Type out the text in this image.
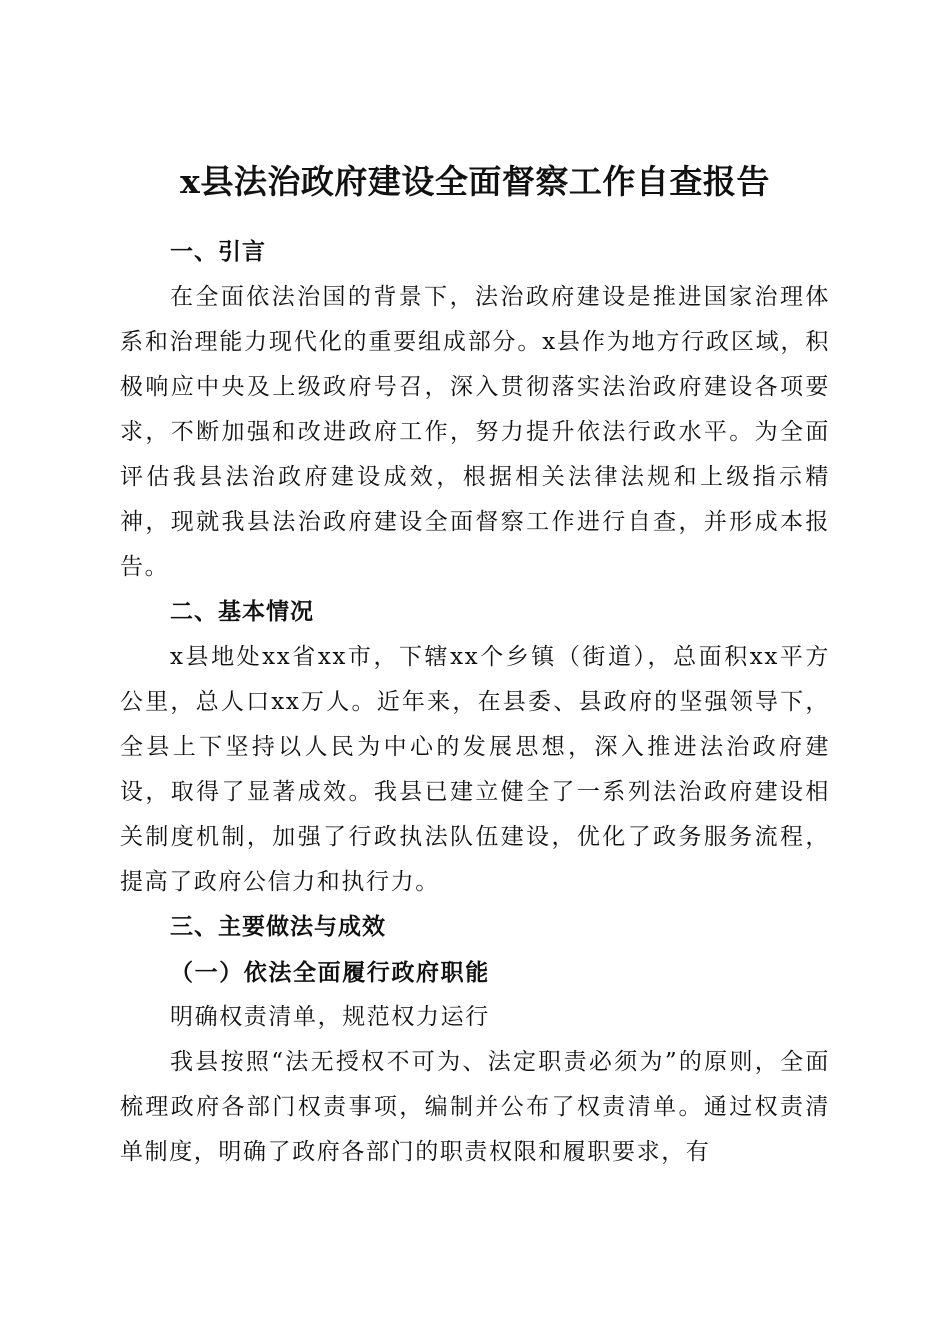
x县法治政府建设全面督察工作自查报告
一、引言

在全面依法治国的背景下，法治政府建设是推进国家治理体系和治理能力现代化的重要组成部分。x县作为地方行政区域，积极响应中央及上级政府号召，深入贯彻落实法治政府建设各项要求，不断加强和改进政府工作，努力提升依法行政水平。为全面评估我县法治政府建设成效，根据相关法律法规和上级指示精神，现就我县法治政府建设全面督察工作进行自查，并形成本报告。

二、基本情况

x县地处xx省xx市，下辖xx个乡镇（街道），总面积xx平方公里，总人口xx万人。近年来，在县委、县政府的坚强领导下，全县上下坚持以人民为中心的发展思想，深入推进法治政府建设，取得了显著成效。我县已建立健全了一系列法治政府建设相关制度机制，加强了行政执法队伍建设，优化了政务服务流程，提高了政府公信力和执行力。

三、主要做法与成效
（一）依法全面履行政府职能

明确权责清单，规范权力运行

我县按照“法无授权不可为、法定职责必须为”的原则，全面梳理政府各部门权责事项，编制并公布了权责清单。通过权责清单制度，明确了政府各部门的职责权限和履职要求，有
